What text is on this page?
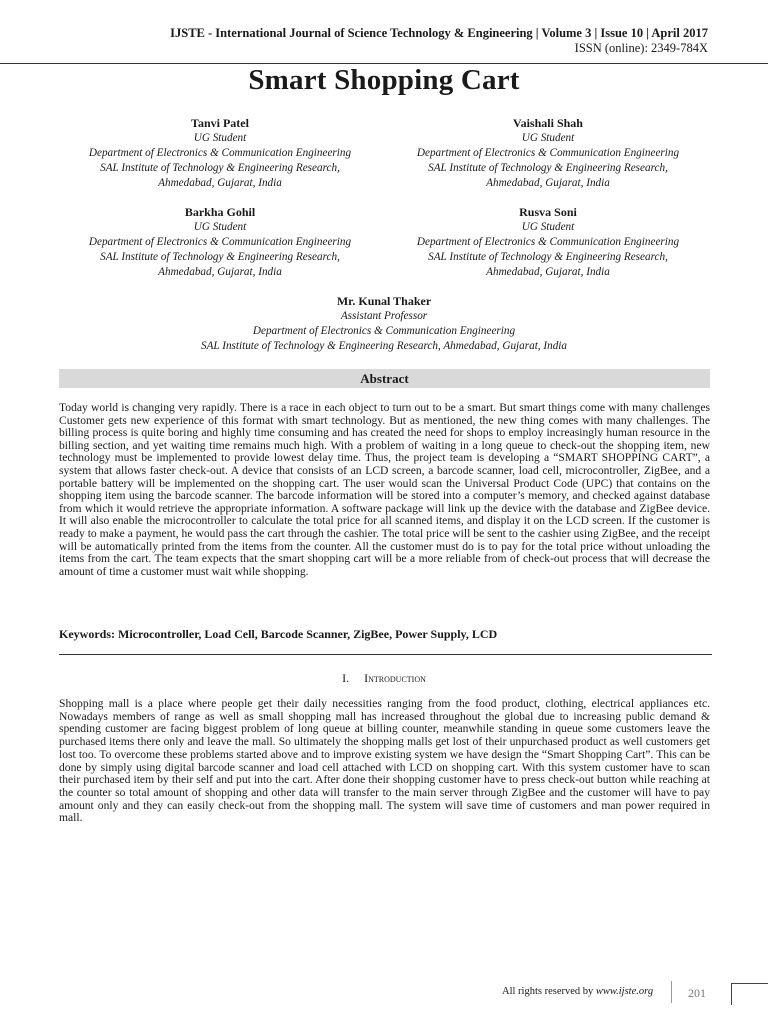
IJSTE - International Journal of Science Technology & Engineering | Volume 3 | Issue 10 | April 2017
ISSN (online): 2349-784X
Smart Shopping Cart
Tanvi Patel
UG Student
Department of Electronics & Communication Engineering
SAL Institute of Technology & Engineering Research,
Ahmedabad, Gujarat, India
Vaishali Shah
UG Student
Department of Electronics & Communication Engineering
SAL Institute of Technology & Engineering Research,
Ahmedabad, Gujarat, India
Barkha Gohil
UG Student
Department of Electronics & Communication Engineering
SAL Institute of Technology & Engineering Research,
Ahmedabad, Gujarat, India
Rusva Soni
UG Student
Department of Electronics & Communication Engineering
SAL Institute of Technology & Engineering Research,
Ahmedabad, Gujarat, India
Mr. Kunal Thaker
Assistant Professor
Department of Electronics & Communication Engineering
SAL Institute of Technology & Engineering Research, Ahmedabad, Gujarat, India
Abstract
Today world is changing very rapidly. There is a race in each object to turn out to be a smart. But smart things come with many challenges Customer gets new experience of this format with smart technology. But as mentioned, the new thing comes with many challenges. The billing process is quite boring and highly time consuming and has created the need for shops to employ increasingly human resource in the billing section, and yet waiting time remains much high. With a problem of waiting in a long queue to check-out the shopping item, new technology must be implemented to provide lowest delay time. Thus, the project team is developing a “SMART SHOPPING CART”, a system that allows faster check-out. A device that consists of an LCD screen, a barcode scanner, load cell, microcontroller, ZigBee, and a portable battery will be implemented on the shopping cart. The user would scan the Universal Product Code (UPC) that contains on the shopping item using the barcode scanner. The barcode information will be stored into a computer’s memory, and checked against database from which it would retrieve the appropriate information. A software package will link up the device with the database and ZigBee device. It will also enable the microcontroller to calculate the total price for all scanned items, and display it on the LCD screen. If the customer is ready to make a payment, he would pass the cart through the cashier. The total price will be sent to the cashier using ZigBee, and the receipt will be automatically printed from the items from the counter. All the customer must do is to pay for the total price without unloading the items from the cart. The team expects that the smart shopping cart will be a more reliable from of check-out process that will decrease the amount of time a customer must wait while shopping.
Keywords: Microcontroller, Load Cell, Barcode Scanner, ZigBee, Power Supply, LCD
I. Introduction
Shopping mall is a place where people get their daily necessities ranging from the food product, clothing, electrical appliances etc. Nowadays members of range as well as small shopping mall has increased throughout the global due to increasing public demand & spending customer are facing biggest problem of long queue at billing counter, meanwhile standing in queue some customers leave the purchased items there only and leave the mall. So ultimately the shopping malls get lost of their unpurchased product as well customers get lost too. To overcome these problems started above and to improve existing system we have design the “Smart Shopping Cart”. This can be done by simply using digital barcode scanner and load cell attached with LCD on shopping cart. With this system customer have to scan their purchased item by their self and put into the cart. After done their shopping customer have to press check-out button while reaching at the counter so total amount of shopping and other data will transfer to the main server through ZigBee and the customer will have to pay amount only and they can easily check-out from the shopping mall. The system will save time of customers and man power required in mall.
All rights reserved by www.ijste.org	201
